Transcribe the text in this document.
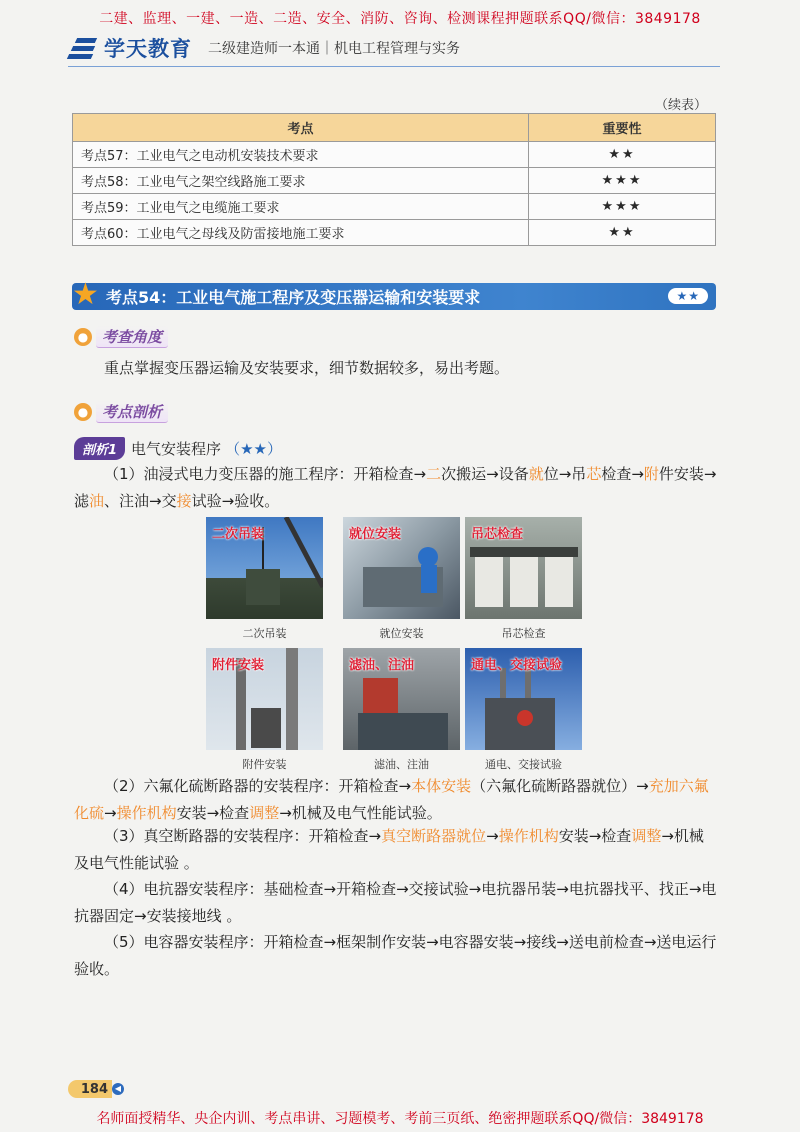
二建、监理、一建、一造、二造、安全、消防、咨询、检测课程押题联系QQ/微信：3849178
学天教育 二级建造师一本通｜机电工程管理与实务
（续表）
考点	重要性
考点57：工业电气之电动机安装技术要求	★★
考点58：工业电气之架空线路施工要求	★★★
考点59：工业电气之电缆施工要求	★★★
考点60：工业电气之母线及防雷接地施工要求	★★
★ 考点54：工业电气施工程序及变压器运输和安装要求	★★
● 考查角度
重点掌握变压器运输及安装要求，细节数据较多，易出考题。
● 考点剖析
剖析1 电气安装程序 （★★）
（1）油浸式电力变压器的施工程序：开箱检查→二次搬运→设备就位→吊芯检查→附件安装→滤油、注油→交接试验→验收。
二次吊装	就位安装	吊芯检查
二次吊装	就位安装	吊芯检查
附件安装	滤油、注油	通电、交接试验
附件安装	滤油、注油	通电、交接试验
（2）六氟化硫断路器的安装程序：开箱检查→本体安装（六氟化硫断路器就位）→充加六氟化硫→操作机构安装→检查调整→机械及电气性能试验。
（3）真空断路器的安装程序：开箱检查→真空断路器就位→操作机构安装→检查调整→机械及电气性能试验 。
（4）电抗器安装程序：基础检查→开箱检查→交接试验→电抗器吊装→电抗器找平、找正→电抗器固定→安装接地线 。
（5）电容器安装程序：开箱检查→框架制作安装→电容器安装→接线→送电前检查→送电运行验收。
184 ◀
名师面授精华、央企内训、考点串讲、习题模考、考前三页纸、绝密押题联系QQ/微信：3849178
